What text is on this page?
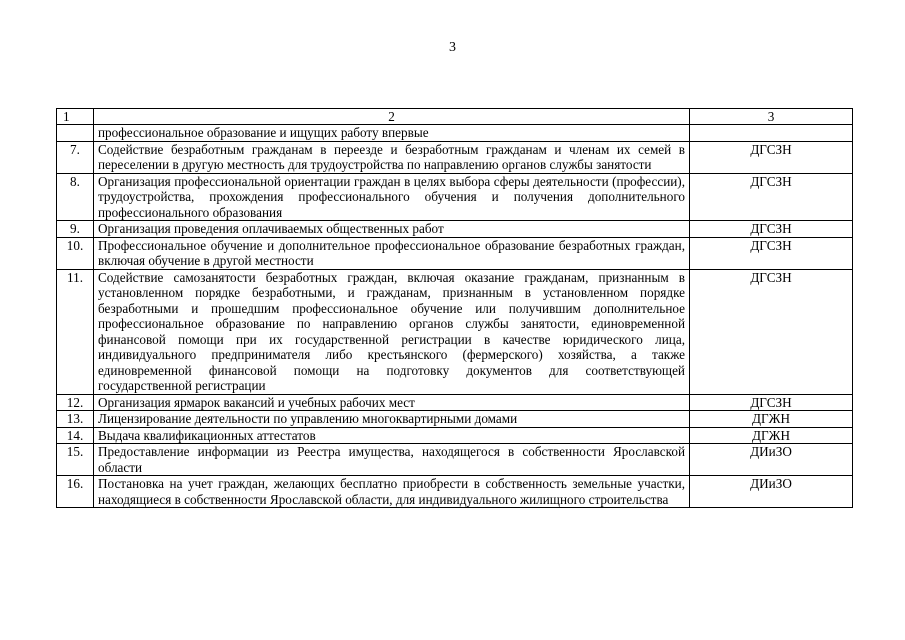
3
1	2	3
	профессиональное образование и ищущих работу впервые	
7.	Содействие безработным гражданам в переезде и безработным гражданам и членам их семей в переселении в другую местность для трудоустройства по направлению органов службы занятости	ДГСЗН
8.	Организация профессиональной ориентации граждан в целях выбора сферы деятельности (профессии), трудоустройства, прохождения профессионального обучения и получения дополнительного профессионального образования	ДГСЗН
9.	Организация проведения оплачиваемых общественных работ	ДГСЗН
10.	Профессиональное обучение и дополнительное профессиональное образование безработных граждан, включая обучение в другой местности	ДГСЗН
11.	Содействие самозанятости безработных граждан, включая оказание гражданам, признанным в установленном порядке безработными, и гражданам, признанным в установленном порядке безработными и прошедшим профессиональное обучение или получившим дополнительное профессиональное образование по направлению органов службы занятости, единовременной финансовой помощи при их государственной регистрации в качестве юридического лица, индивидуального предпринимателя либо крестьянского (фермерского) хозяйства, а также единовременной финансовой помощи на подготовку документов для соответствующей государственной регистрации	ДГСЗН
12.	Организация ярмарок вакансий и учебных рабочих мест	ДГСЗН
13.	Лицензирование деятельности по управлению многоквартирными домами	ДГЖН
14.	Выдача квалификационных аттестатов	ДГЖН
15.	Предоставление информации из Реестра имущества, находящегося в собственности Ярославской области	ДИиЗО
16.	Постановка на учет граждан, желающих бесплатно приобрести в собственность земельные участки, находящиеся в собственности Ярославской области, для индивидуального жилищного строительства	ДИиЗО
